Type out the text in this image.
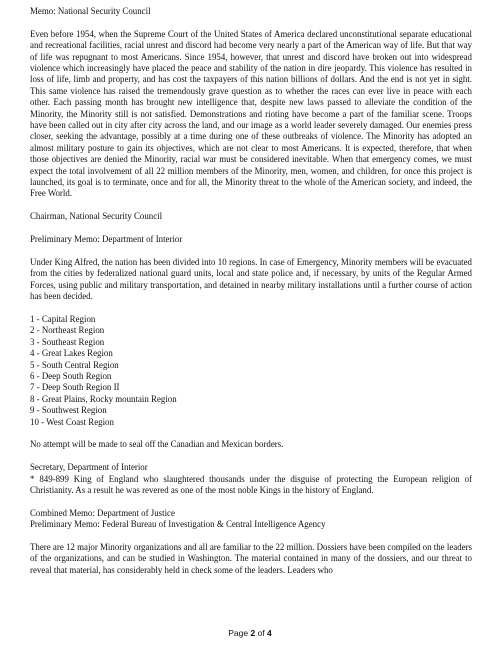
Memo: National Security Council

Even before 1954, when the Supreme Court of the United States of America declared unconstitutional separate educational and recreational facilities, racial unrest and discord had become very nearly a part of the American way of life. But that way of life was repugnant to most Americans. Since 1954, however, that unrest and discord have broken out into widespread violence which increasingly have placed the peace and stability of the nation in dire jeopardy. This violence has resulted in loss of life, limb and property, and has cost the taxpayers of this nation billions of dollars. And the end is not yet in sight. This same violence has raised the tremendously grave question as to whether the races can ever live in peace with each other. Each passing month has brought new intelligence that, despite new laws passed to alleviate the condition of the Minority, the Minority still is not satisfied. Demonstrations and rioting have become a part of the familiar scene. Troops have been called out in city after city across the land, and our image as a world leader severely damaged. Our enemies press closer, seeking the advantage, possibly at a time during one of these outbreaks of violence. The Minority has adopted an almost military posture to gain its objectives, which are not clear to most Americans. It is expected, therefore, that when those objectives are denied the Minority, racial war must be considered inevitable. When that emergency comes, we must expect the total involvement of all 22 million members of the Minority, men, women, and children, for once this project is launched, its goal is to terminate, once and for all, the Minority threat to the whole of the American society, and indeed, the Free World.

Chairman, National Security Council

Preliminary Memo: Department of Interior

Under King Alfred, the nation has been divided into 10 regions. In case of Emergency, Minority members will be evacuated from the cities by federalized national guard units, local and state police and, if necessary, by units of the Regular Armed Forces, using public and military transportation, and detained in nearby military installations until a further course of action has been decided.

1 - Capital Region

2 - Northeast Region

3 - Southeast Region

4 - Great Lakes Region

5 - South Central Region

6 - Deep South Region

7 - Deep South Region II

8 - Great Plains, Rocky mountain Region

9 - Southwest Region

10 - West Coast Region

No attempt will be made to seal off the Canadian and Mexican borders.

Secretary, Department of Interior

* 849-899 King of England who slaughtered thousands under the disguise of protecting the European religion of Christianity. As a result he was revered as one of the most noble Kings in the history of England.

Combined Memo: Department of Justice

Preliminary Memo: Federal Bureau of Investigation & Central Intelligence Agency

There are 12 major Minority organizations and all are familiar to the 22 million. Dossiers have been compiled on the leaders of the organizations, and can be studied in Washington. The material contained in many of the dossiers, and our threat to reveal that material, has considerably held in check some of the leaders. Leaders who

Page 2 of 4
